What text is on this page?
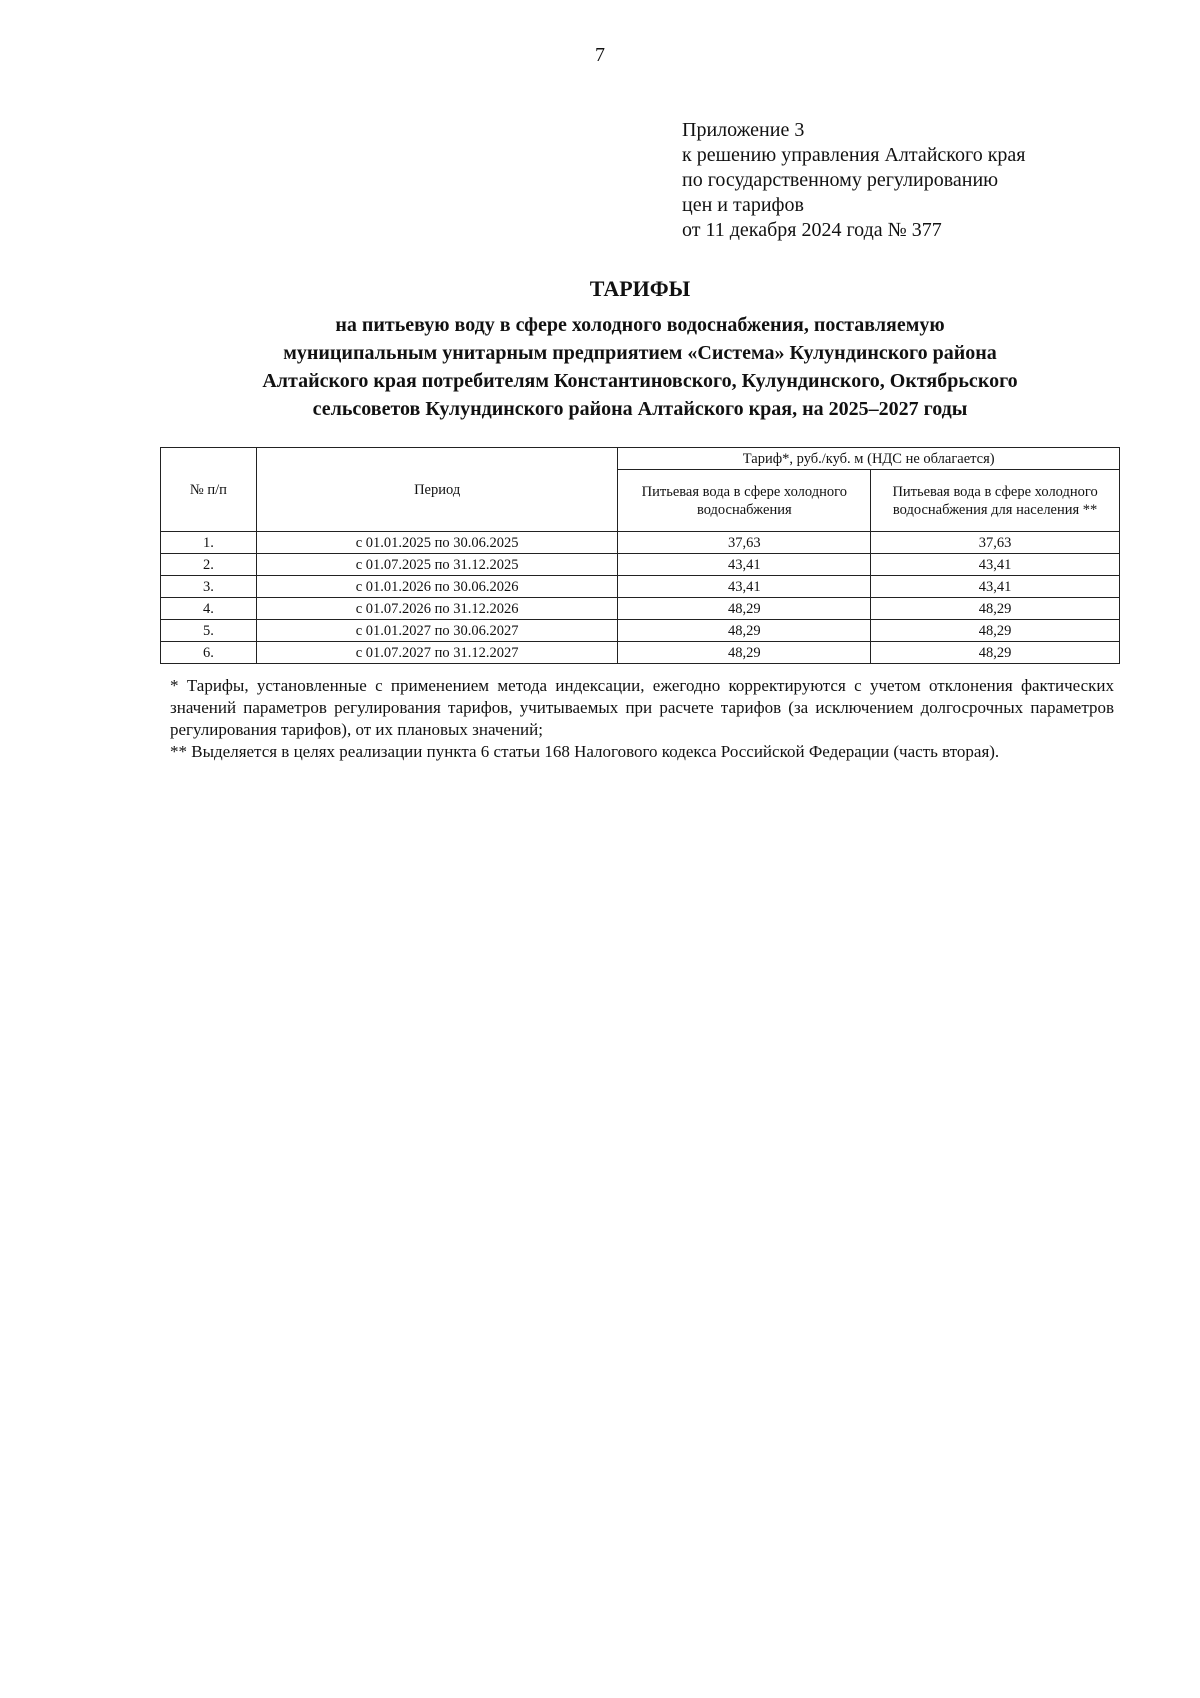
7
Приложение 3
к решению управления Алтайского края
по государственному регулированию
цен и тарифов
от 11 декабря 2024 года № 377
ТАРИФЫ
на питьевую воду в сфере холодного водоснабжения, поставляемую
муниципальным унитарным предприятием «Система» Кулундинского района
Алтайского края потребителям Константиновского, Кулундинского, Октябрьского
сельсоветов Кулундинского района Алтайского края, на 2025–2027 годы
№ п/п	Период	Тариф*, руб./куб. м (НДС не облагается)	
		Питьевая вода в сфере холодного водоснабжения	Питьевая вода в сфере холодного водоснабжения для населения **
1.	с 01.01.2025 по 30.06.2025	37,63	37,63
2.	с 01.07.2025 по 31.12.2025	43,41	43,41
3.	с 01.01.2026 по 30.06.2026	43,41	43,41
4.	с 01.07.2026 по 31.12.2026	48,29	48,29
5.	с 01.01.2027 по 30.06.2027	48,29	48,29
6.	с 01.07.2027 по 31.12.2027	48,29	48,29

* Тарифы, установленные с применением метода индексации, ежегодно корректируются с учетом отклонения фактических значений параметров регулирования тарифов, учитываемых при расчете тарифов (за исключением долгосрочных параметров регулирования тарифов), от их плановых значений;

** Выделяется в целях реализации пункта 6 статьи 168 Налогового кодекса Российской Федерации (часть вторая).
